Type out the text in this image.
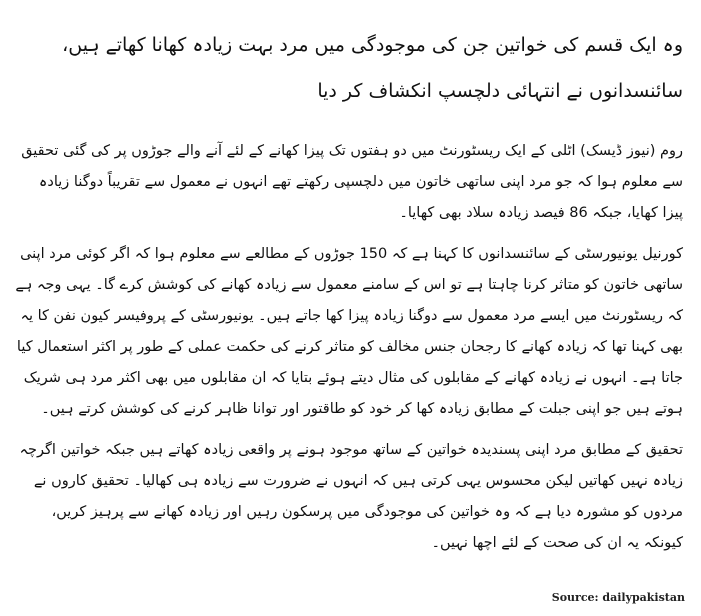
وہ ایک قسم کی خواتین جن کی موجودگی میں مرد بہت زیادہ کھانا کھاتے ہیں، سائنسدانوں نے انتہائی دلچسپ انکشاف کر دیا

روم (نیوز ڈیسک) اٹلی کے ایک ریسٹورنٹ میں دو ہفتوں تک پیزا کھانے کے لئے آنے والے جوڑوں پر کی گئی تحقیق سے معلوم ہوا کہ جو مرد اپنی ساتھی خاتون میں دلچسپی رکھتے تھے انہوں نے معمول سے تقریباً دوگنا زیادہ پیزا کھایا، جبکہ 86 فیصد زیادہ سلاد بھی کھایا۔

کورنیل یونیورسٹی کے سائنسدانوں کا کہنا ہے کہ 150 جوڑوں کے مطالعے سے معلوم ہوا کہ اگر کوئی مرد اپنی ساتھی خاتون کو متاثر کرنا چاہتا ہے تو اس کے سامنے معمول سے زیادہ کھانے کی کوشش کرے گا۔ یہی وجہ ہے کہ ریسٹورنٹ میں ایسے مرد معمول سے دوگنا زیادہ پیزا کھا جاتے ہیں۔ یونیورسٹی کے پروفیسر کیون نفن کا یہ بھی کہنا تھا کہ زیادہ کھانے کا رجحان جنس مخالف کو متاثر کرنے کی حکمت عملی کے طور پر اکثر استعمال کیا جاتا ہے۔ انہوں نے زیادہ کھانے کے مقابلوں کی مثال دیتے ہوئے بتایا کہ ان مقابلوں میں بھی اکثر مرد ہی شریک ہوتے ہیں جو اپنی جبلت کے مطابق زیادہ کھا کر خود کو طاقتور اور توانا ظاہر کرنے کی کوشش کرتے ہیں۔

تحقیق کے مطابق مرد اپنی پسندیدہ خواتین کے ساتھ موجود ہونے پر واقعی زیادہ کھاتے ہیں جبکہ خواتین اگرچہ زیادہ نہیں کھاتیں لیکن محسوس یہی کرتی ہیں کہ انہوں نے ضرورت سے زیادہ ہی کھالیا۔ تحقیق کاروں نے مردوں کو مشورہ دیا ہے کہ وہ خواتین کی موجودگی میں پرسکون رہیں اور زیادہ کھانے سے پرہیز کریں، کیونکہ یہ ان کی صحت کے لئے اچھا نہیں۔

Source: dailypakistan
